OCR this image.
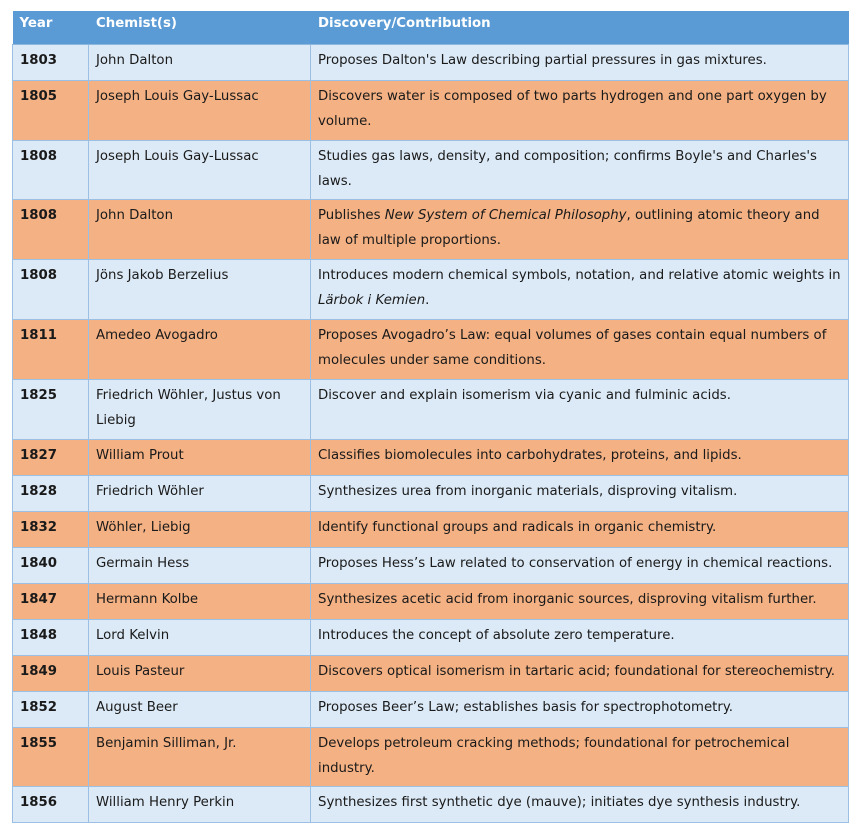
Year	Chemist(s)	Discovery/Contribution
1803	John Dalton	Proposes Dalton's Law describing partial pressures in gas mixtures.
1805	Joseph Louis Gay-Lussac	Discovers water is composed of two parts hydrogen and one part oxygen by volume.
1808	Joseph Louis Gay-Lussac	Studies gas laws, density, and composition; confirms Boyle's and Charles's laws.
1808	John Dalton	Publishes New System of Chemical Philosophy, outlining atomic theory and law of multiple proportions.
1808	Jöns Jakob Berzelius	Introduces modern chemical symbols, notation, and relative atomic weights in Lärbok i Kemien.
1811	Amedeo Avogadro	Proposes Avogadro’s Law: equal volumes of gases contain equal numbers of molecules under same conditions.
1825	Friedrich Wöhler, Justus von Liebig	Discover and explain isomerism via cyanic and fulminic acids.
1827	William Prout	Classifies biomolecules into carbohydrates, proteins, and lipids.
1828	Friedrich Wöhler	Synthesizes urea from inorganic materials, disproving vitalism.
1832	Wöhler, Liebig	Identify functional groups and radicals in organic chemistry.
1840	Germain Hess	Proposes Hess’s Law related to conservation of energy in chemical reactions.
1847	Hermann Kolbe	Synthesizes acetic acid from inorganic sources, disproving vitalism further.
1848	Lord Kelvin	Introduces the concept of absolute zero temperature.
1849	Louis Pasteur	Discovers optical isomerism in tartaric acid; foundational for stereochemistry.
1852	August Beer	Proposes Beer’s Law; establishes basis for spectrophotometry.
1855	Benjamin Silliman, Jr.	Develops petroleum cracking methods; foundational for petrochemical industry.
1856	William Henry Perkin	Synthesizes first synthetic dye (mauve); initiates dye synthesis industry.
